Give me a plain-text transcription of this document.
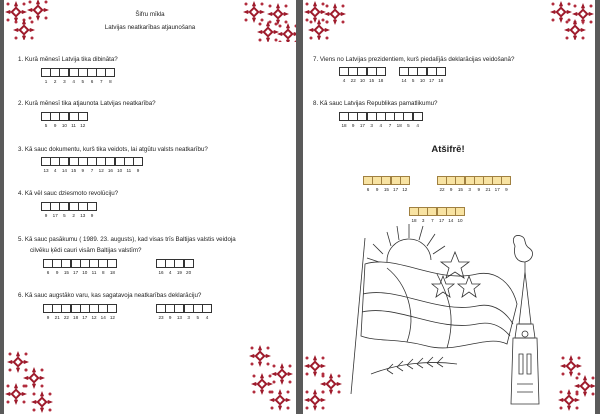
Šifru mīkla
Latvijas neatkarības atjaunošana
1. Kurā mēnesī Latvija tika dibināta?
1	2	3	4	5	6	7	8
2. Kurā mēnesī tika atjaunota Latvijas neatkarība?
5	9	10 11 12
3. Kā sauc dokumentu, kurš tika veidots, lai atgūtu valsts neatkarību?
13	4	14 15	9	7	12 16 10 11	9
4. Kā vēl sauc dziesmoto revolūciju?
9	17	5	2	13	9
5. Kā sauc pasākumu ( 1989. 23. augusts), kad visas trīs Baltijas valstis veidoja
cilvēku ķēdi cauri visām Baltijas valstīm?
6	9	15 17 10 11	8	18	16	4	19 20
6. Kā sauc augstāko varu, kas sagatavoja neatkarības deklarāciju?
9	21 22 18 17 12 14 12	23	9	13	3	5	4
7. Viens no Latvijas prezidentiem, kurš piedalījās deklarācijas veidošanā?
4	22 10 15 18	14	5	10 17 18
8. Kā sauc Latvijas Republikas pamatlikumu?
18	9	17	3	4	7	18	5	4
Atšifrē!
6	9	15 17 12	22	9	15	3	9	21 17	9
18	3	7	17 14 10
